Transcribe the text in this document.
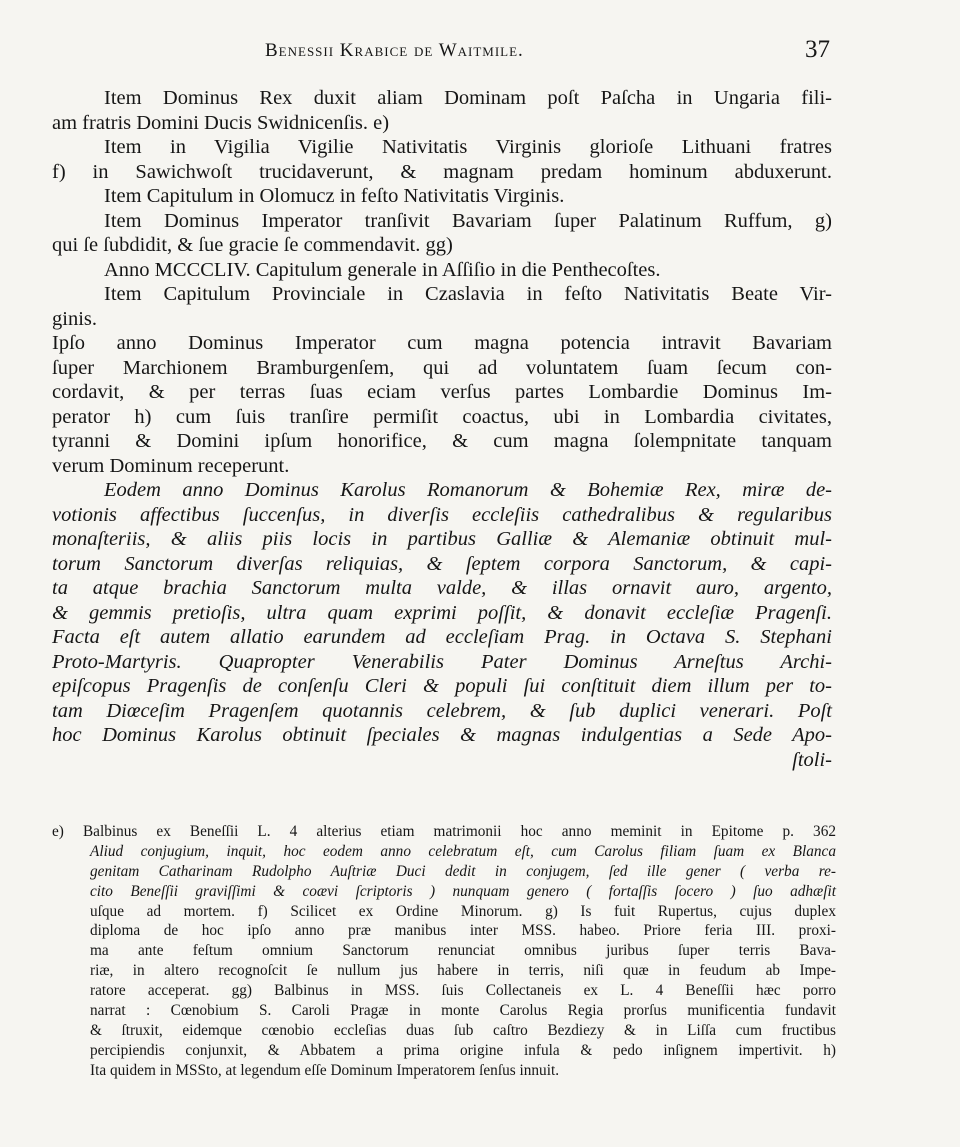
Benessii Krabice de Waitmile.	37
Item Dominus Rex duxit aliam Dominam poſt Paſcha in Ungaria fili-
am fratris Domini Ducis Swidnicenſis. e)
Item in Vigilia Vigilie Nativitatis Virginis glorioſe Lithuani fratres
f) in Sawichwoſt trucidaverunt, & magnam predam hominum abduxerunt.
Item Capitulum in Olomucz in feſto Nativitatis Virginis.
Item Dominus Imperator tranſivit Bavariam ſuper Palatinum Ruffum, g)
qui ſe ſubdidit, & ſue gracie ſe commendavit. gg)
Anno MCCCLIV. Capitulum generale in Aſſiſio in die Penthecoſtes.
Item Capitulum Provinciale in Czaslavia in feſto Nativitatis Beate Vir-
ginis.
Ipſo anno Dominus Imperator cum magna potencia intravit Bavariam
ſuper Marchionem Bramburgenſem, qui ad voluntatem ſuam ſecum con-
cordavit, & per terras ſuas eciam verſus partes Lombardie Dominus Im-
perator h) cum ſuis tranſire permiſit coactus, ubi in Lombardia civitates,
tyranni & Domini ipſum honorifice, & cum magna ſolempnitate tanquam
verum Dominum receperunt.
Eodem anno Dominus Karolus Romanorum & Bohemiæ Rex, miræ de-
votionis affectibus ſuccenſus, in diverſis eccleſiis cathedralibus & regularibus
monaſteriis, & aliis piis locis in partibus Galliæ & Alemaniæ obtinuit mul-
torum Sanctorum diverſas reliquias, & ſeptem corpora Sanctorum, & capi-
ta atque brachia Sanctorum multa valde, & illas ornavit auro, argento,
& gemmis pretioſis, ultra quam exprimi poſſit, & donavit eccleſiæ Pragenſi.
Facta eſt autem allatio earundem ad eccleſiam Prag. in Octava S. Stephani
Proto-Martyris. Quapropter Venerabilis Pater Dominus Arneſtus Archi-
epiſcopus Pragenſis de conſenſu Cleri & populi ſui conſtituit diem illum per to-
tam Diœceſim Pragenſem quotannis celebrem, & ſub duplici venerari. Poſt
hoc Dominus Karolus obtinuit ſpeciales & magnas indulgentias a Sede Apo-
ſtoli-
e) Balbinus ex Beneſſii L. 4 alterius etiam matrimonii hoc anno meminit in Epitome p. 362
Aliud conjugium, inquit, hoc eodem anno celebratum eſt, cum Carolus filiam ſuam ex Blanca
genitam Catharinam Rudolpho Auſtriæ Duci dedit in conjugem, ſed ille gener ( verba re-
cito Beneſſii graviſſimi & coævi ſcriptoris ) nunquam genero ( fortaſſis ſocero ) ſuo adhæſit
uſque ad mortem. f) Scilicet ex Ordine Minorum. g) Is fuit Rupertus, cujus duplex
diploma de hoc ipſo anno præ manibus inter MSS. habeo. Priore feria III. proxi-
ma ante feſtum omnium Sanctorum renunciat omnibus juribus ſuper terris Bava-
riæ, in altero recognoſcit ſe nullum jus habere in terris, niſi quæ in feudum ab Impe-
ratore acceperat. gg) Balbinus in MSS. ſuis Collectaneis ex L. 4 Beneſſii hæc porro
narrat : Cœnobium S. Caroli Pragæ in monte Carolus Regia prorſus munificentia fundavit
& ſtruxit, eidemque cœnobio eccleſias duas ſub caſtro Bezdiezy & in Liſſa cum fructibus
percipiendis conjunxit, & Abbatem a prima origine infula & pedo inſignem impertivit. h)
Ita quidem in MSSto, at legendum eſſe Dominum Imperatorem ſenſus innuit.
